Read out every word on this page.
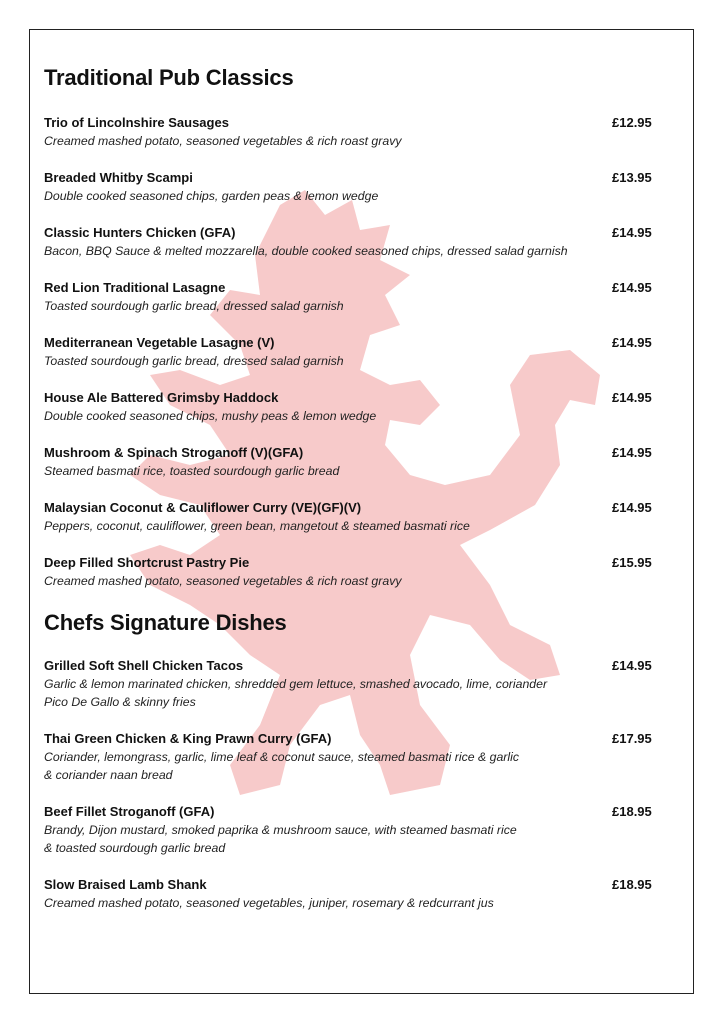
Traditional Pub Classics
Trio of Lincolnshire Sausages	£12.95
Creamed mashed potato, seasoned vegetables & rich roast gravy
Breaded Whitby Scampi	£13.95
Double cooked seasoned chips, garden peas & lemon wedge
Classic Hunters Chicken (GFA)	£14.95
Bacon, BBQ Sauce & melted mozzarella, double cooked seasoned chips, dressed salad garnish
Red Lion Traditional Lasagne	£14.95
Toasted sourdough garlic bread, dressed salad garnish
Mediterranean Vegetable Lasagne (V)	£14.95
Toasted sourdough garlic bread, dressed salad garnish
House Ale Battered Grimsby Haddock	£14.95
Double cooked seasoned chips, mushy peas & lemon wedge
Mushroom & Spinach Stroganoff (V)(GFA)	£14.95
Steamed basmati rice, toasted sourdough garlic bread
Malaysian Coconut & Cauliflower Curry (VE)(GF)(V)	£14.95
Peppers, coconut, cauliflower, green bean, mangetout & steamed basmati rice
Deep Filled Shortcrust Pastry Pie	£15.95
Creamed mashed potato, seasoned vegetables & rich roast gravy
Chefs Signature Dishes
Grilled Soft Shell Chicken Tacos	£14.95
Garlic & lemon marinated chicken, shredded gem lettuce, smashed avocado, lime, coriander
Pico De Gallo & skinny fries
Thai Green Chicken & King Prawn Curry (GFA)	£17.95
Coriander, lemongrass, garlic, lime leaf & coconut sauce, steamed basmati rice & garlic
& coriander naan bread
Beef Fillet Stroganoff (GFA)	£18.95
Brandy, Dijon mustard, smoked paprika & mushroom sauce, with steamed basmati rice
& toasted sourdough garlic bread
Slow Braised Lamb Shank	£18.95
Creamed mashed potato, seasoned vegetables, juniper, rosemary & redcurrant jus
